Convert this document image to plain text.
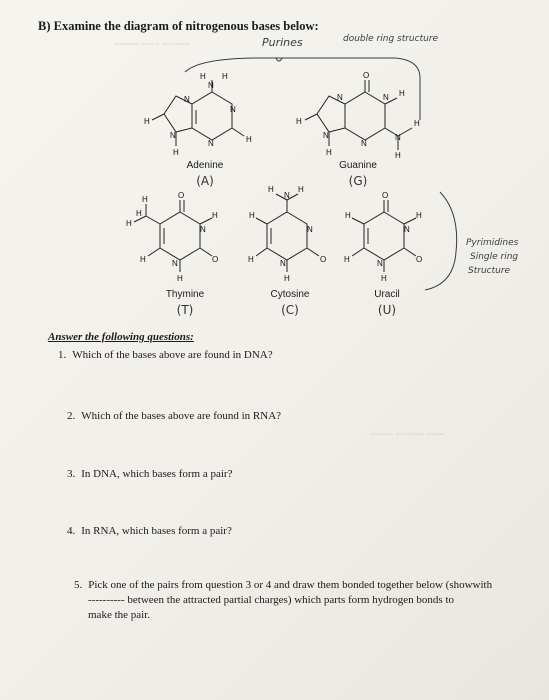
~~~~~ ~~~~ ~~~~~~
~~~~~ ~~~~~~ ~~~~
B) Examine the diagram of nitrogenous bases below:
Purines	double ring structure
Pyrimidines
Single ring
Structure
N
H H
N
N
N
N
H
H
H
O
N H
N
H
H
N
N
N
H
H
O
N
H
O
N
H
H
H
H
H
N
H	H
N
O
N
H
H
H
O
N
H
O
N
H
H
H
Adenine
(A)
Guanine
(G)
Thymine
(T)
Cytosine
(C)
Uracil
(U)
Answer the following questions:
1. Which of the bases above are found in DNA?
2. Which of the bases above are found in RNA?
3. In DNA, which bases form a pair?
4. In RNA, which bases form a pair?
5. Pick one of the pairs from question 3 or 4 and draw them bonded together below (showwith
---------- between the attracted partial charges) which parts form hydrogen bonds to
make the pair.
